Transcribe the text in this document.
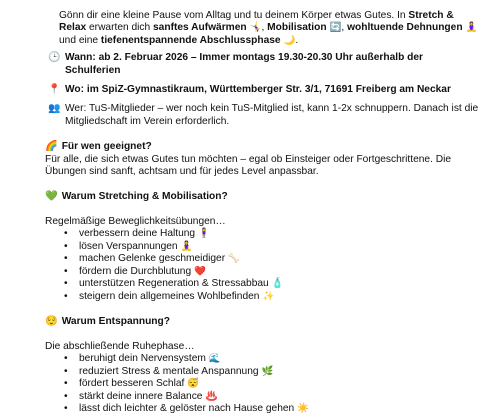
Gönn dir eine kleine Pause vom Alltag und tu deinem Körper etwas Gutes. In Stretch & Relax erwarten dich sanftes Aufwärmen 🤸‍♀️, Mobilisation 🔄, wohltuende Dehnungen 🧘‍♀️ und eine tiefenentspannende Abschlussphase 🌙.

🕒 Wann: ab 2. Februar 2026 – Immer montags 19.30-20.30 Uhr außerhalb der Schulferien
📍 Wo: im SpiZ-Gymnastikraum, Württemberger Str. 3/1, 71691 Freiberg am Neckar
👥 Wer: TuS-Mitglieder – wer noch kein TuS-Mitglied ist, kann 1-2x schnuppern. Danach ist die Mitgliedschaft im Verein erforderlich.

🌈 Für wen geeignet?

Für alle, die sich etwas Gutes tun möchten – egal ob Einsteiger oder Fortgeschrittene. Die Übungen sind sanft, achtsam und für jedes Level anpassbar.

💚 Warum Stretching & Mobilisation?

Regelmäßige Beweglichkeitsübungen…

• verbessern deine Haltung 🧍‍♀️
• lösen Verspannungen 🧘‍♀️
• machen Gelenke geschmeidiger 🦴
• fördern die Durchblutung ❤️
• unterstützen Regeneration & Stressabbau 🧴
• steigern dein allgemeines Wohlbefinden ✨

😌 Warum Entspannung?

Die abschließende Ruhephase…

• beruhigt dein Nervensystem 🌊
• reduziert Stress & mentale Anspannung 🌿
• fördert besseren Schlaf 😴
• stärkt deine innere Balance ♨️
• lässt dich leichter & gelöster nach Hause gehen ☀️
